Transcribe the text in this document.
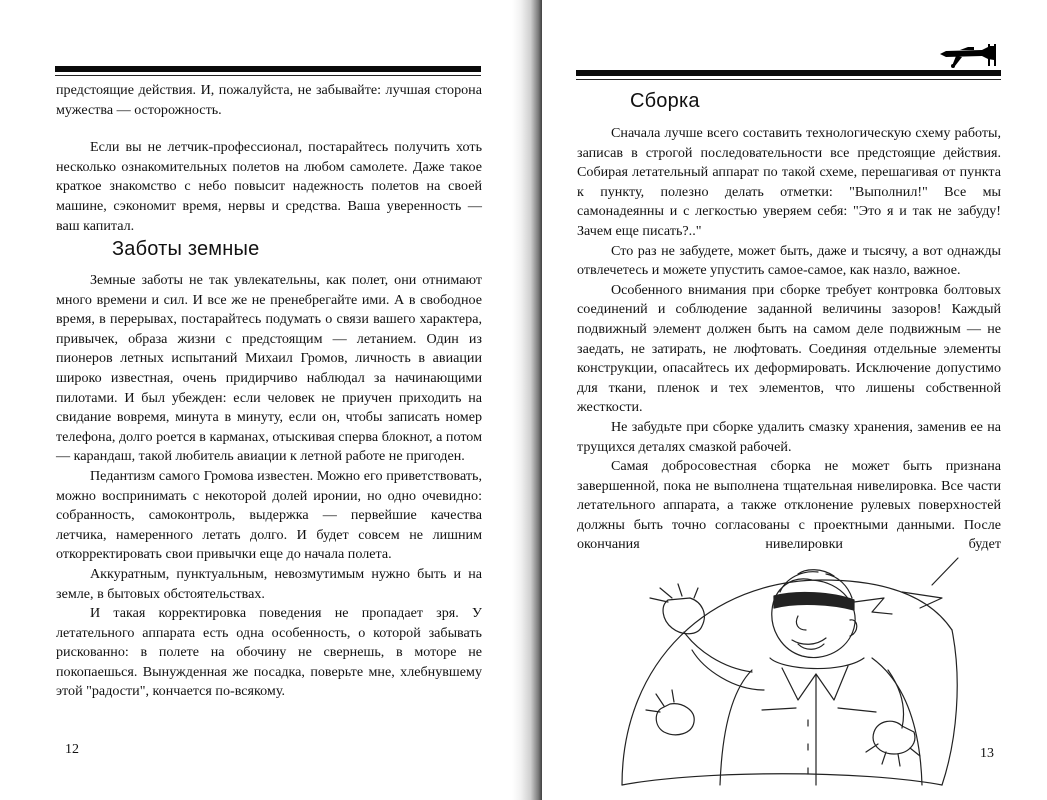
предстоящие действия. И, пожалуйста, не забывайте: лучшая сторона мужества — осторожность.

Если вы не летчик-профессионал, постарайтесь получить хоть несколько ознакомительных полетов на любом самолете. Даже такое краткое знакомство с небо повысит надежность полетов на своей машине, сэкономит время, нервы и средства. Ваша уверенность — ваш капитал.

Заботы земные

Земные заботы не так увлекательны, как полет, они отнимают много времени и сил. И все же не пренебрегайте ими. А в свободное время, в перерывах, постарайтесь подумать о связи вашего характера, привычек, образа жизни с предстоящим — летанием. Один из пионеров летных испытаний Михаил Громов, личность в авиации широко известная, очень придирчиво наблюдал за начинающими пилотами. И был убежден: если человек не приучен приходить на свидание вовремя, минута в минуту, если он, чтобы записать номер телефона, долго роется в карманах, отыскивая сперва блокнот, а потом — карандаш, такой любитель авиации к летной работе не пригоден.

Педантизм самого Громова известен. Можно его приветствовать, можно воспринимать с некоторой долей иронии, но одно очевидно: собранность, самоконтроль, выдержка — первейшие качества летчика, намеренного летать долго. И будет совсем не лишним откорректировать свои привычки еще до начала полета.

Аккуратным, пунктуальным, невозмутимым нужно быть и на земле, в бытовых обстоятельствах.

И такая корректировка поведения не пропадает зря. У летательного аппарата есть одна особенность, о которой забывать рискованно: в полете на обочину не свернешь, в моторе не покопаешься. Вынужденная же посадка, поверьте мне, хлебнувшему этой "радости", кончается по-всякому.

12
Сборка

Сначала лучше всего составить технологическую схему работы, записав в строгой последовательности все предстоящие действия. Собирая летательный аппарат по такой схеме, перешагивая от пункта к пункту, полезно делать отметки: "Выполнил!" Все мы самонадеянны и с легкостью уверяем себя: "Это я и так не забуду! Зачем еще писать?.."

Сто раз не забудете, может быть, даже и тысячу, а вот однажды отвлечетесь и можете упустить самое-самое, как назло, важное.

Особенного внимания при сборке требует контровка болтовых соединений и соблюдение заданной величины зазоров! Каждый подвижный элемент должен быть на самом деле подвижным — не заедать, не затирать, не люфтовать. Соединяя отдельные элементы конструкции, опасайтесь их деформировать. Исключение допустимо для ткани, пленок и тех элементов, что лишены собственной жесткости.

Не забудьте при сборке удалить смазку хранения, заменив ее на трущихся деталях смазкой рабочей.

Самая добросовестная сборка не может быть признана завершенной, пока не выполнена тщательная нивелировка. Все части летательного аппарата, а также отклонение рулевых поверхностей должны быть точно согласованы с проектными данными. После окончания нивелировки будет

13
